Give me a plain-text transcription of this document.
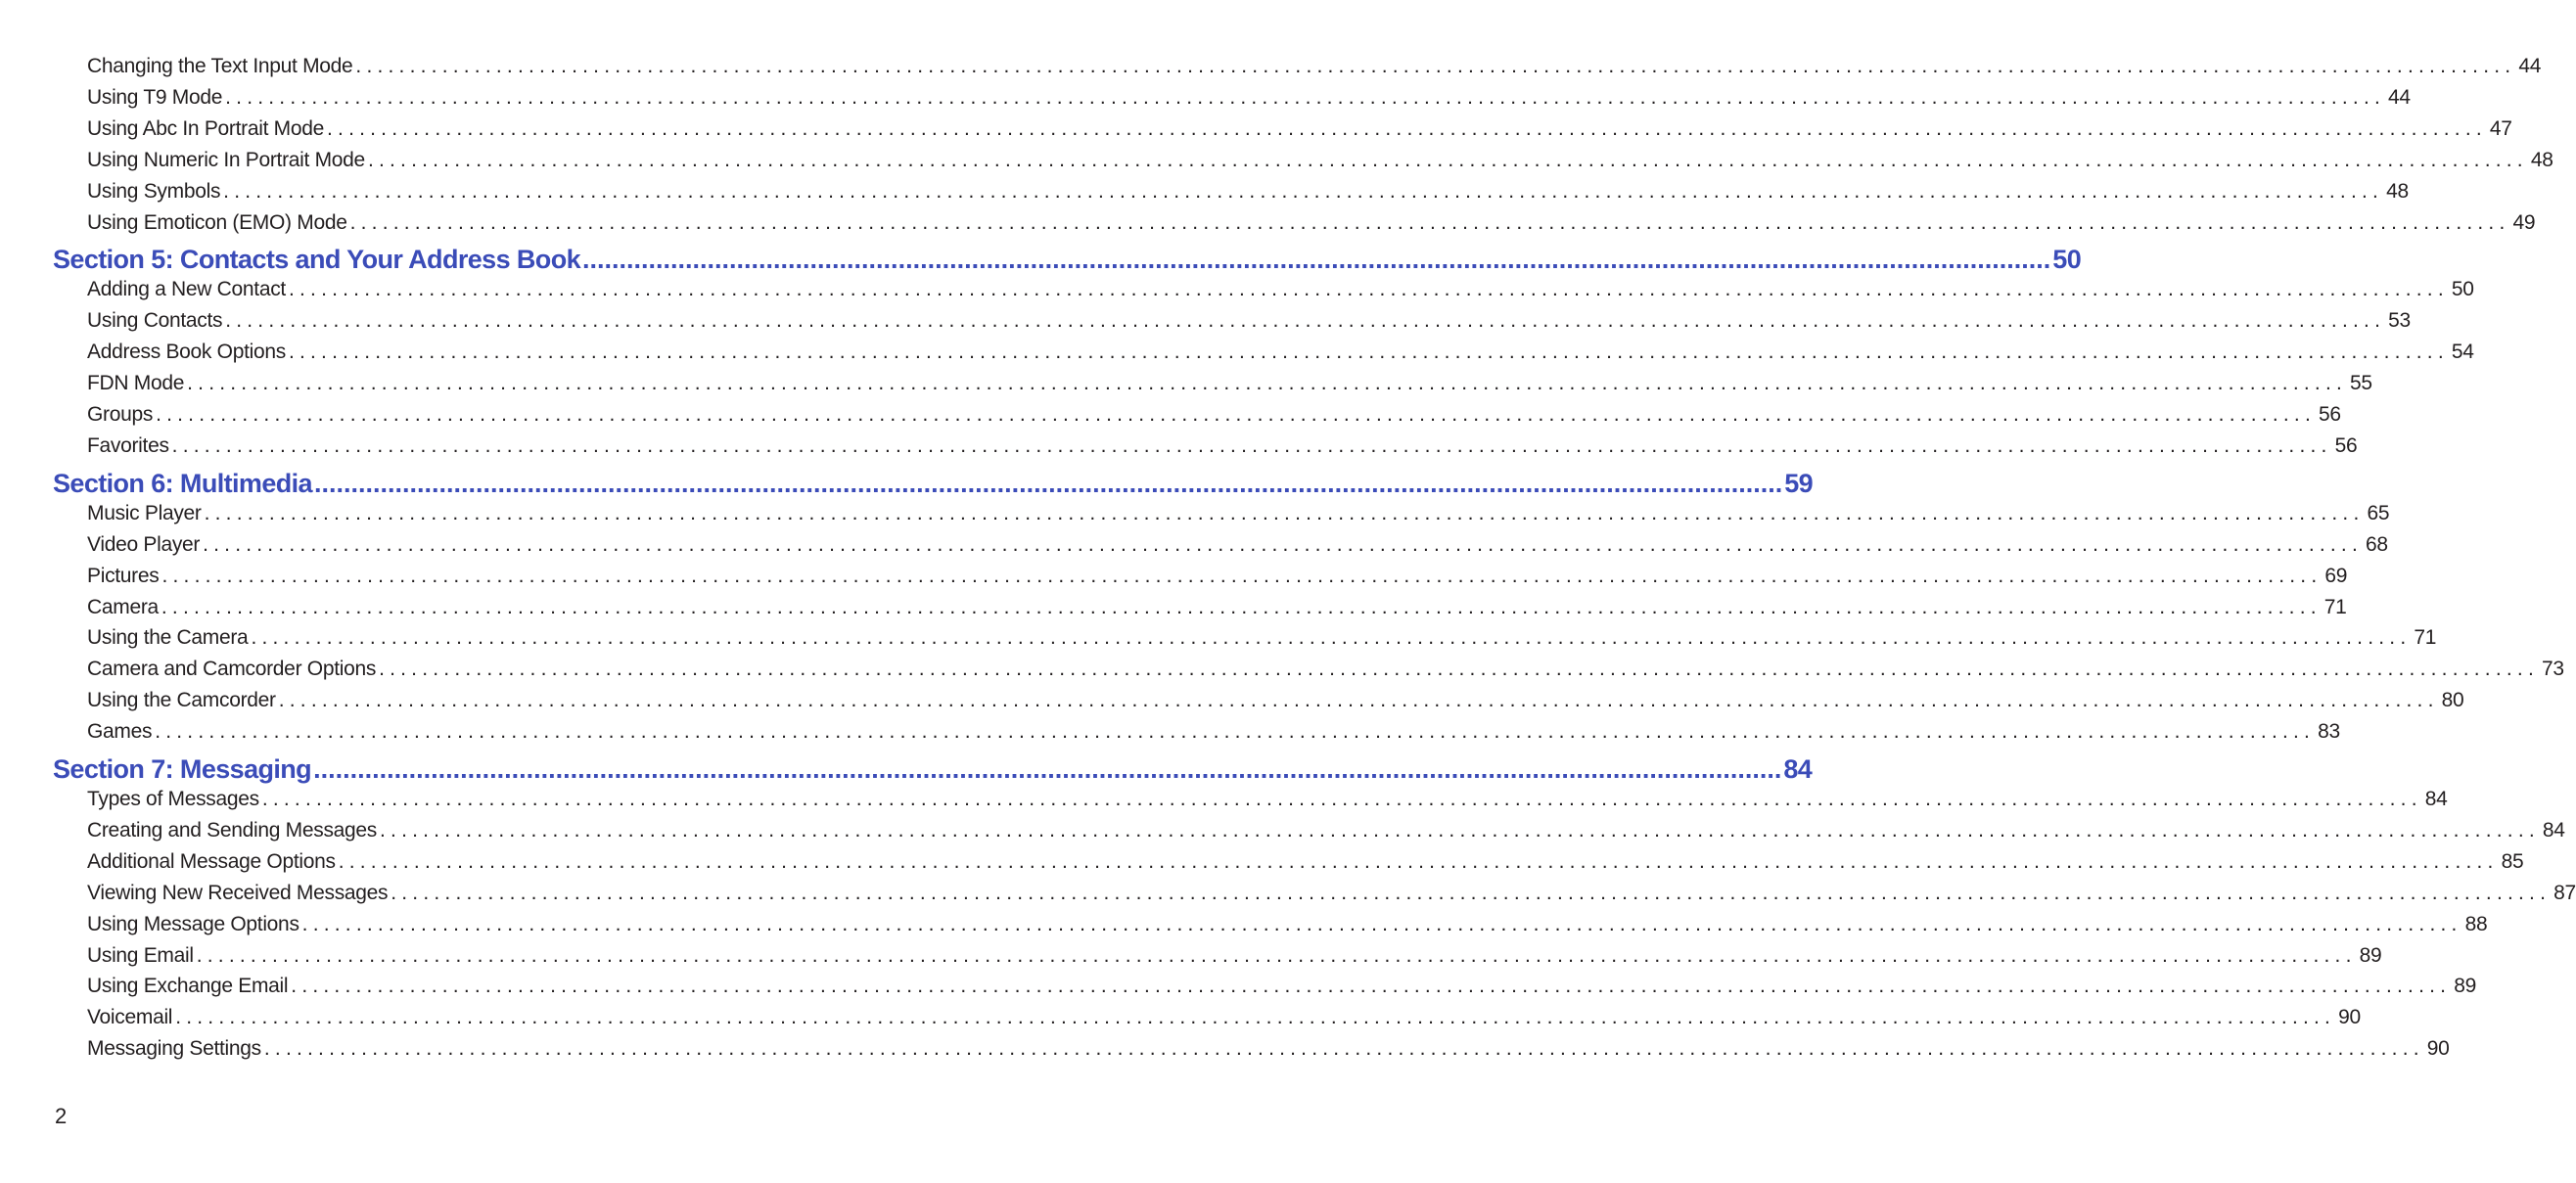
Changing the Text Input Mode ........................................................................................................................................................................................................ 44
Using T9 Mode ........................................................................................................................................................................................................ 44
Using Abc In Portrait Mode ........................................................................................................................................................................................................ 47
Using Numeric In Portrait Mode ........................................................................................................................................................................................................ 48
Using Symbols ........................................................................................................................................................................................................ 48
Using Emoticon (EMO) Mode ........................................................................................................................................................................................................ 49
Section 5: Contacts and Your Address Book ........................................................................................................................................................................................................ 50
Adding a New Contact ........................................................................................................................................................................................................ 50
Using Contacts ........................................................................................................................................................................................................ 53
Address Book Options ........................................................................................................................................................................................................ 54
FDN Mode ........................................................................................................................................................................................................ 55
Groups ........................................................................................................................................................................................................ 56
Favorites ........................................................................................................................................................................................................ 56
Section 6: Multimedia ........................................................................................................................................................................................................ 59
Music Player ........................................................................................................................................................................................................ 65
Video Player ........................................................................................................................................................................................................ 68
Pictures ........................................................................................................................................................................................................ 69
Camera ........................................................................................................................................................................................................ 71
Using the Camera ........................................................................................................................................................................................................ 71
Camera and Camcorder Options ........................................................................................................................................................................................................ 73
Using the Camcorder ........................................................................................................................................................................................................ 80
Games ........................................................................................................................................................................................................ 83
Section 7: Messaging ........................................................................................................................................................................................................ 84
Types of Messages ........................................................................................................................................................................................................ 84
Creating and Sending Messages ........................................................................................................................................................................................................ 84
Additional Message Options ........................................................................................................................................................................................................ 85
Viewing New Received Messages ........................................................................................................................................................................................................ 87
Using Message Options ........................................................................................................................................................................................................ 88
Using Email ........................................................................................................................................................................................................ 89
Using Exchange Email ........................................................................................................................................................................................................ 89
Voicemail ........................................................................................................................................................................................................ 90
Messaging Settings ........................................................................................................................................................................................................ 90
2
